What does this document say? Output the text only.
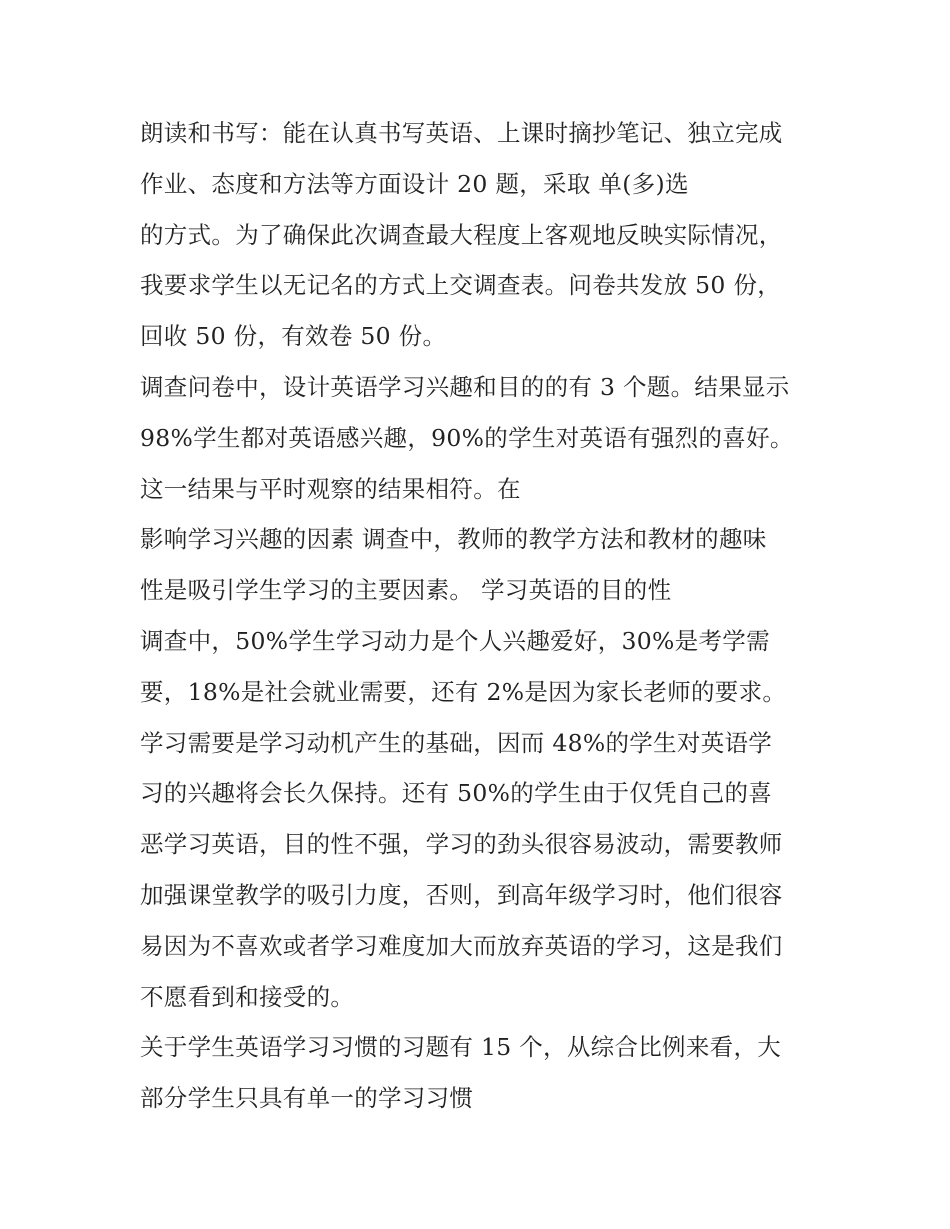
朗读和书写：能在认真书写英语、上课时摘抄笔记、独立完成
作业、态度和方法等方面设计 20 题，采取 单(多)选
的方式。为了确保此次调查最大程度上客观地反映实际情况，
我要求学生以无记名的方式上交调查表。问卷共发放 50 份，
回收 50 份，有效卷 50 份。
调查问卷中，设计英语学习兴趣和目的的有 3 个题。结果显示
98%学生都对英语感兴趣，90%的学生对英语有强烈的喜好。
这一结果与平时观察的结果相符。在
影响学习兴趣的因素 调查中，教师的教学方法和教材的趣味
性是吸引学生学习的主要因素。 学习英语的目的性
调查中，50%学生学习动力是个人兴趣爱好，30%是考学需
要，18%是社会就业需要，还有 2%是因为家长老师的要求。
学习需要是学习动机产生的基础，因而 48%的学生对英语学
习的兴趣将会长久保持。还有 50%的学生由于仅凭自己的喜
恶学习英语，目的性不强，学习的劲头很容易波动，需要教师
加强课堂教学的吸引力度，否则，到高年级学习时，他们很容
易因为不喜欢或者学习难度加大而放弃英语的学习，这是我们
不愿看到和接受的。
关于学生英语学习习惯的习题有 15 个，从综合比例来看，大
部分学生只具有单一的学习习惯
